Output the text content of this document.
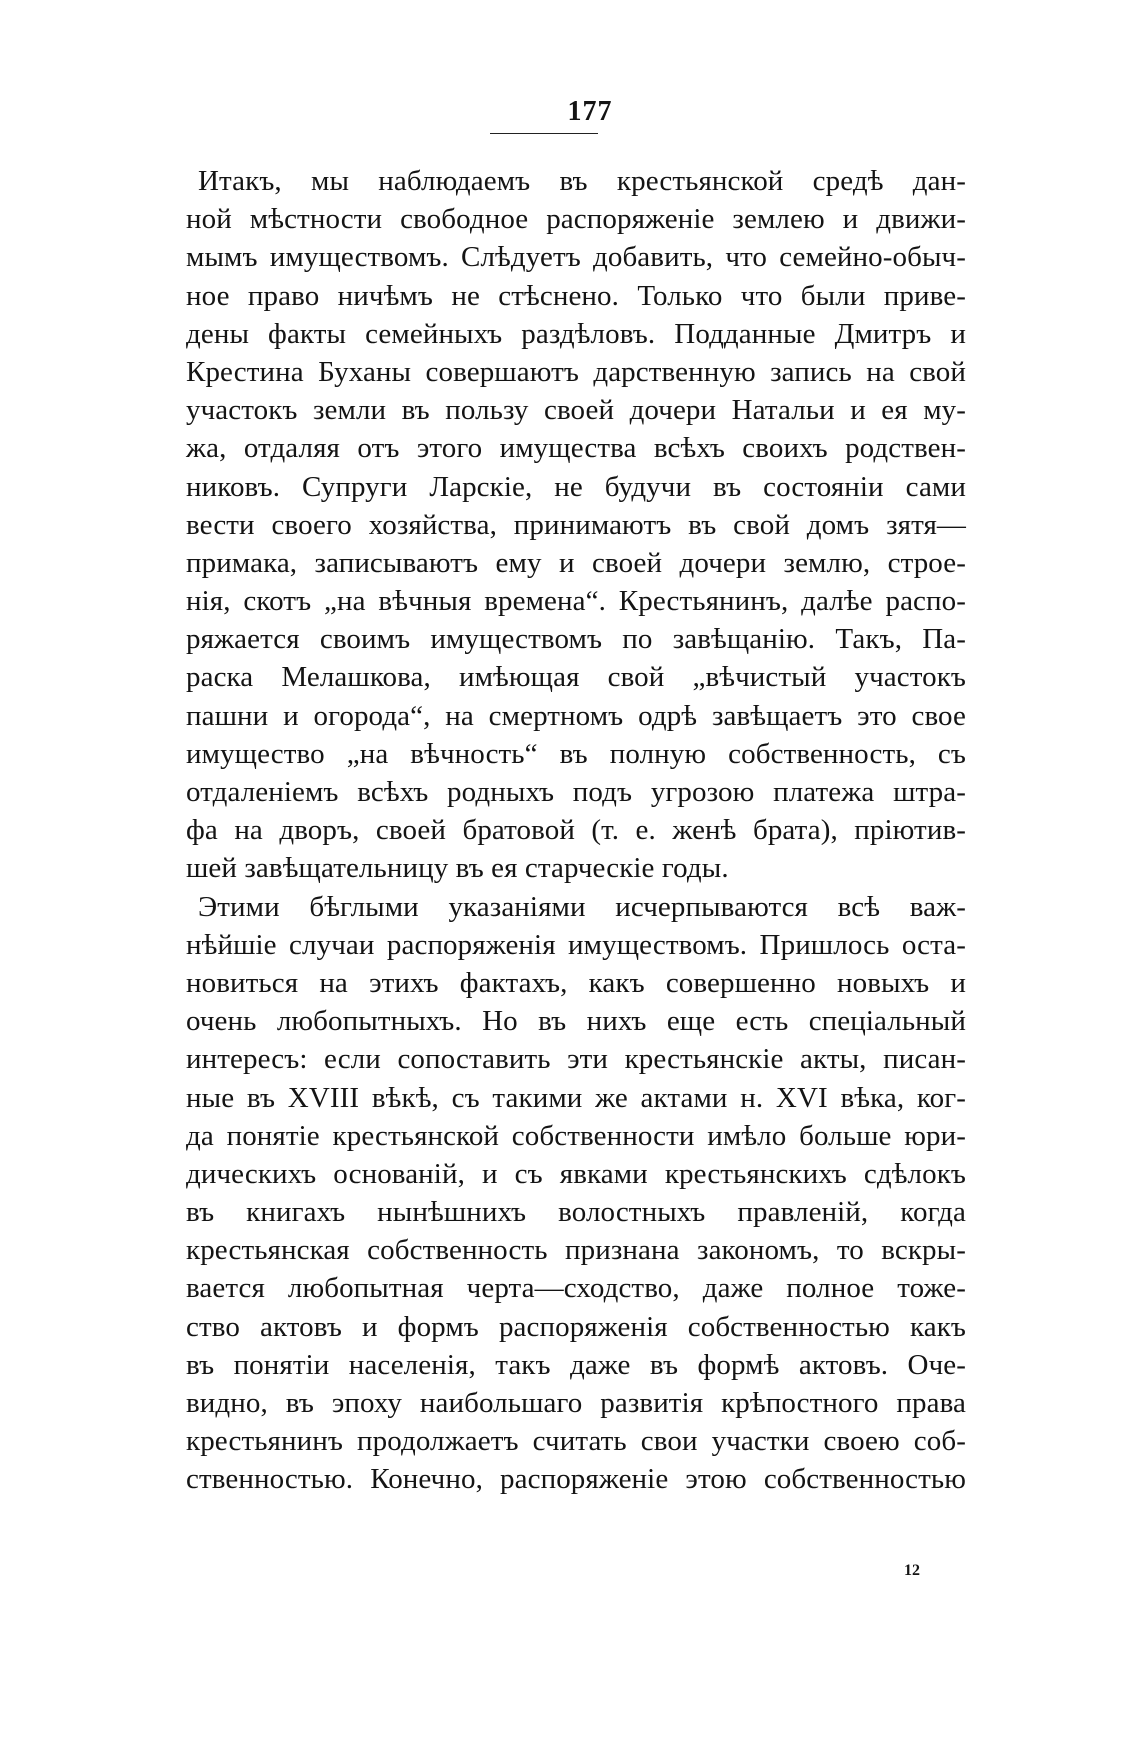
177
Итакъ, мы наблюдаемъ въ крестьянской средѣ дан-
ной мѣстности свободное распоряженіе землею и движи-
мымъ имуществомъ. Слѣдуетъ добавить, что семейно-обыч-
ное право ничѣмъ не стѣснено. Только что были приве-
дены факты семейныхъ раздѣловъ. Подданные Дмитръ и
Крестина Буханы совершаютъ дарственную запись на свой
участокъ земли въ пользу своей дочери Натальи и ея му-
жа, отдаляя отъ этого имущества всѣхъ своихъ родствен-
никовъ. Супруги Ларскіе, не будучи въ состояніи сами
вести своего хозяйства, принимаютъ въ свой домъ зятя—
примака, записываютъ ему и своей дочери землю, строе-
нія, скотъ „на вѣчныя времена“. Крестьянинъ, далѣе распо-
ряжается своимъ имуществомъ по завѣщанію. Такъ, Па-
раска Мелашкова, имѣющая свой „вѣчистый участокъ
пашни и огорода“, на смертномъ одрѣ завѣщаетъ это свое
имущество „на вѣчность“ въ полную собственность, съ
отдаленіемъ всѣхъ родныхъ подъ угрозою платежа штра-
фа на дворъ, своей братовой (т. е. женѣ брата), пріютив-
шей завѣщательницу въ ея старческіе годы.
Этими бѣглыми указаніями исчерпываются всѣ важ-
нѣйшіе случаи распоряженія имуществомъ. Пришлось оста-
новиться на этихъ фактахъ, какъ совершенно новыхъ и
очень любопытныхъ. Но въ нихъ еще есть спеціальный
интересъ: если сопоставить эти крестьянскіе акты, писан-
ные въ XVIII вѣкѣ, съ такими же актами н. XVI вѣка, ког-
да понятіе крестьянской собственности имѣло больше юри-
дическихъ основаній, и съ явками крестьянскихъ сдѣлокъ
въ книгахъ нынѣшнихъ волостныхъ правленій, когда
крестьянская собственность признана закономъ, то вскры-
вается любопытная черта—сходство, даже полное тоже-
ство актовъ и формъ распоряженія собственностью какъ
въ понятіи населенія, такъ даже въ формѣ актовъ. Оче-
видно, въ эпоху наибольшаго развитія крѣпостного права
крестьянинъ продолжаетъ считать свои участки своею соб-
ственностью. Конечно, распоряженіе этою собственностью
12
